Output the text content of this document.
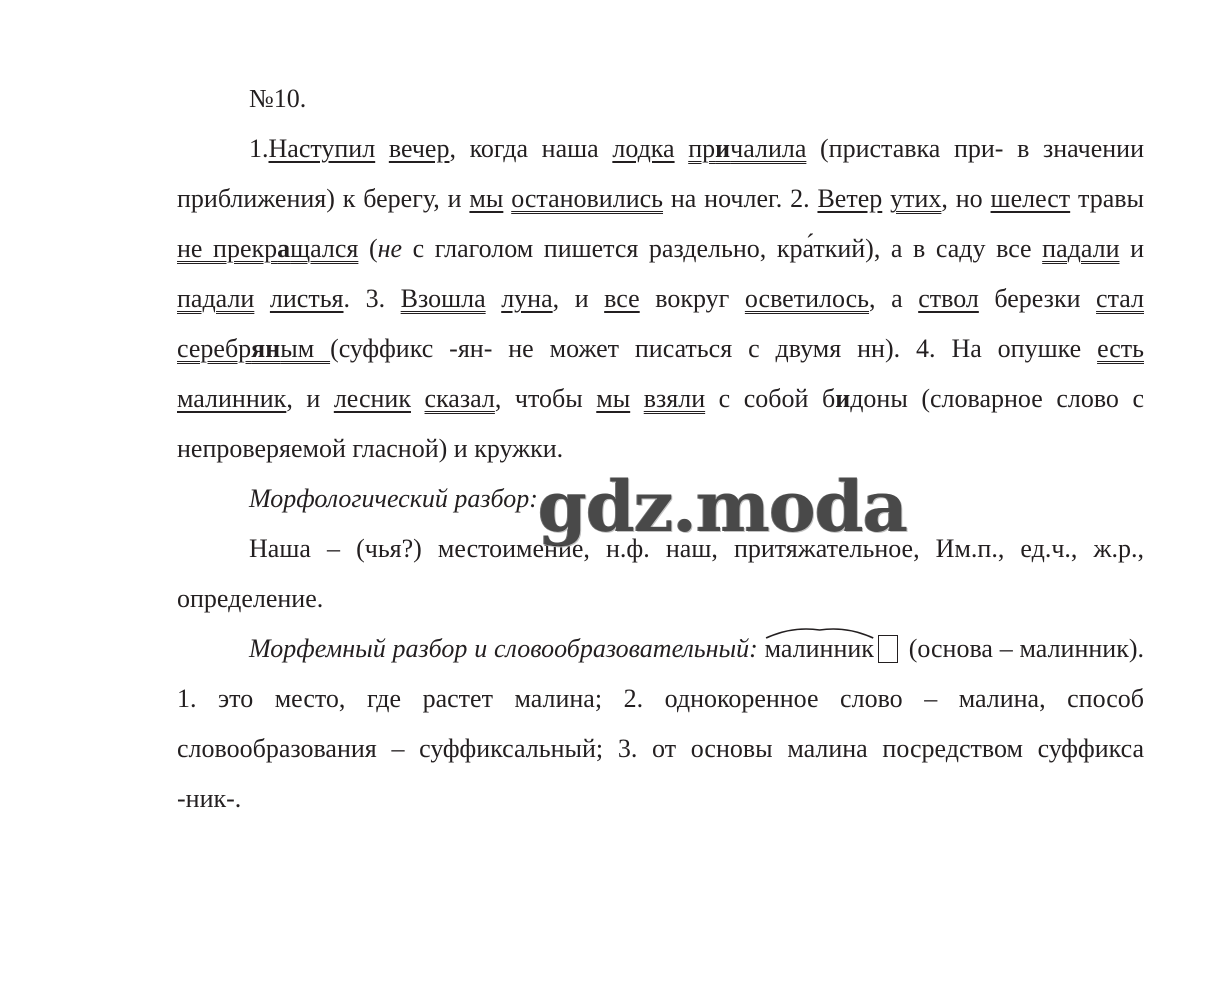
№10.

1.Наступил вечер, когда наша лодка причалила (приставка при- в значении приближения) к берегу, и мы остановились на ночлег. 2. Ветер утих, но шелест травы не прекращался (не с глаголом пишется раздельно, кра́ткий), а в саду все падали и падали листья. 3. Взошла луна, и все вокруг осветилось, а ствол березки стал серебряным (суффикс -ян- не может писаться с двумя нн). 4. На опушке есть малинник, и лесник сказал, чтобы мы взяли с собой бидоны (словарное слово с непроверяемой гласной) и кружки.

Морфологический разбор:

Наша – (чья?) местоимение, н.ф. наш, притяжательное, Им.п., ед.ч., ж.р., определение.

Морфемный разбор и словообразовательный: малинник (основа – малинник). 1. это место, где растет малина; 2. однокоренное слово – малина, способ словообразования – суффиксальный; 3. от основы малина посредством суффикса -ник-.

gdz.moda
